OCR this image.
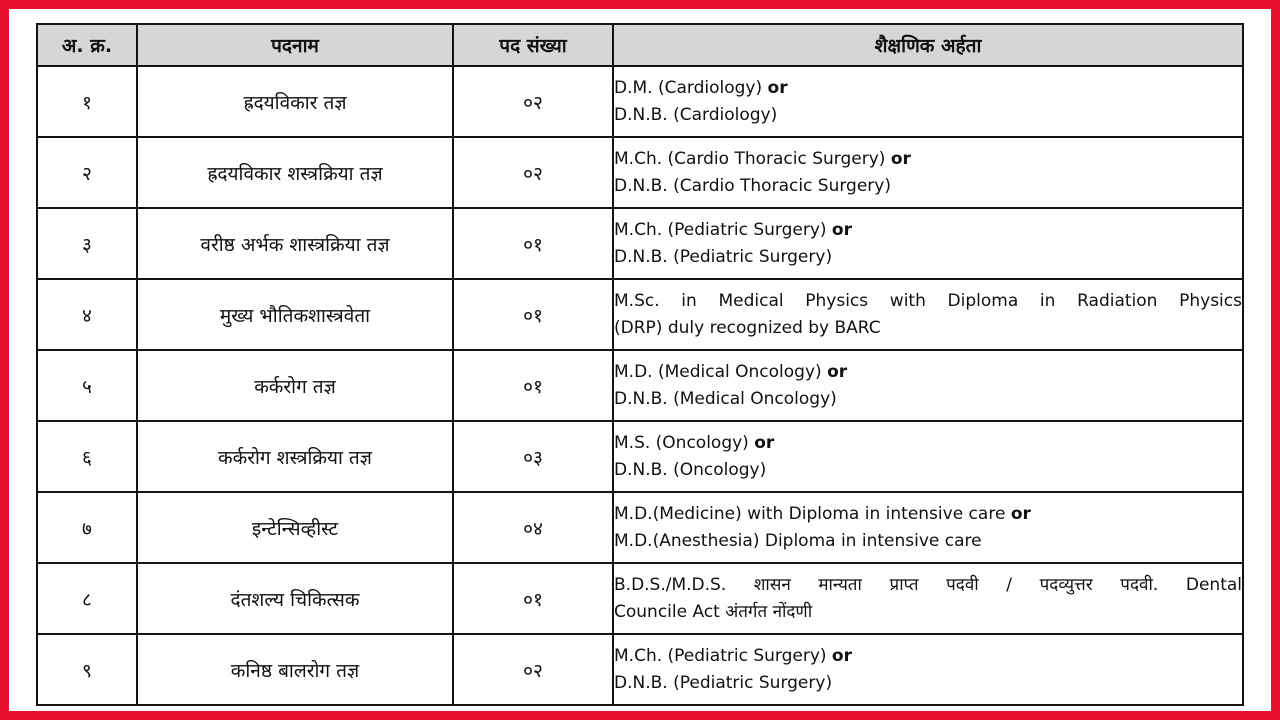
अ. क्र.	पदनाम	पद संख्या	शैक्षणिक अर्हता
१	ह्रदयविकार तज्ञ	०२	D.M. (Cardiology) or
D.N.B. (Cardiology)

२	ह्रदयविकार शस्त्रक्रिया तज्ञ	०२	M.Ch. (Cardio Thoracic Surgery) or
D.N.B. (Cardio Thoracic Surgery)

३	वरीष्ठ अर्भक शास्त्रक्रिया तज्ञ	०१	M.Ch. (Pediatric Surgery) or
D.N.B. (Pediatric Surgery)

४	मुख्य भौतिकशास्त्रवेता	०१	M.Sc. in Medical Physics with Diploma in Radiation Physics
(DRP) duly recognized by BARC

५	कर्करोग तज्ञ	०१	M.D. (Medical Oncology) or
D.N.B. (Medical Oncology)

६	कर्करोग शस्त्रक्रिया तज्ञ	०३	M.S. (Oncology) or
D.N.B. (Oncology)

७	इन्टेन्सिव्हीस्ट	०४	M.D.(Medicine) with Diploma in intensive care or
M.D.(Anesthesia) Diploma in intensive care

८	दंतशल्य चिकित्सक	०१	B.D.S./M.D.S. शासन मान्यता प्राप्त पदवी / पदव्युत्तर पदवी. Dental
Councile Act अंतर्गत नोंदणी

९	कनिष्ठ बालरोग तज्ञ	०२	M.Ch. (Pediatric Surgery) or
D.N.B. (Pediatric Surgery)
